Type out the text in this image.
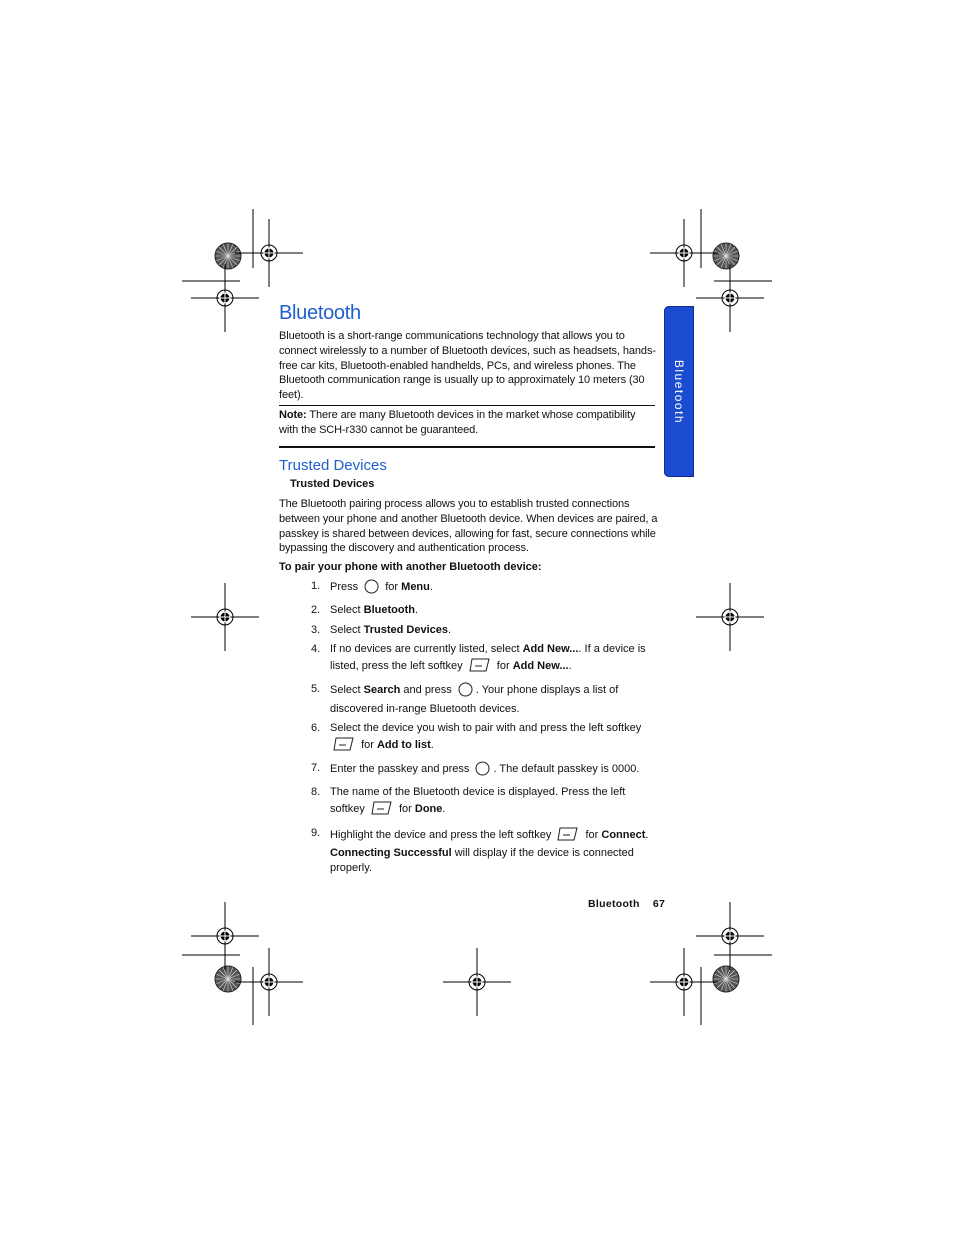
Bluetooth
Bluetooth
Bluetooth is a short-range communications technology that allows you to connect wirelessly to a number of Bluetooth devices, such as headsets, hands-free car kits, Bluetooth-enabled handhelds, PCs, and wireless phones. The Bluetooth communication range is usually up to approximately 10 meters (30 feet).
Note: There are many Bluetooth devices in the market whose compatibility with the SCH-r330 cannot be guaranteed.
Trusted Devices
Trusted Devices
The Bluetooth pairing process allows you to establish trusted connections between your phone and another Bluetooth device. When devices are paired, a passkey is shared between devices, allowing for fast, secure connections while bypassing the discovery and authentication process.
To pair your phone with another Bluetooth device:
1. Press for Menu.
2. Select Bluetooth.
3. Select Trusted Devices.
4. If no devices are currently listed, select Add New.... If a device is listed, press the left softkey	for Add New....
5. Select Search and press . Your phone displays a list of discovered in-range Bluetooth devices.
6. Select the device you wish to pair with and press the left softkey  for Add to list.
7. Enter the passkey and press . The default passkey is 0000.
8. The name of the Bluetooth device is displayed. Press the left softkey	for Done.
9. Highlight the device and press the left softkey	for Connect. Connecting Successful will display if the device is connected properly.
Bluetooth 67
